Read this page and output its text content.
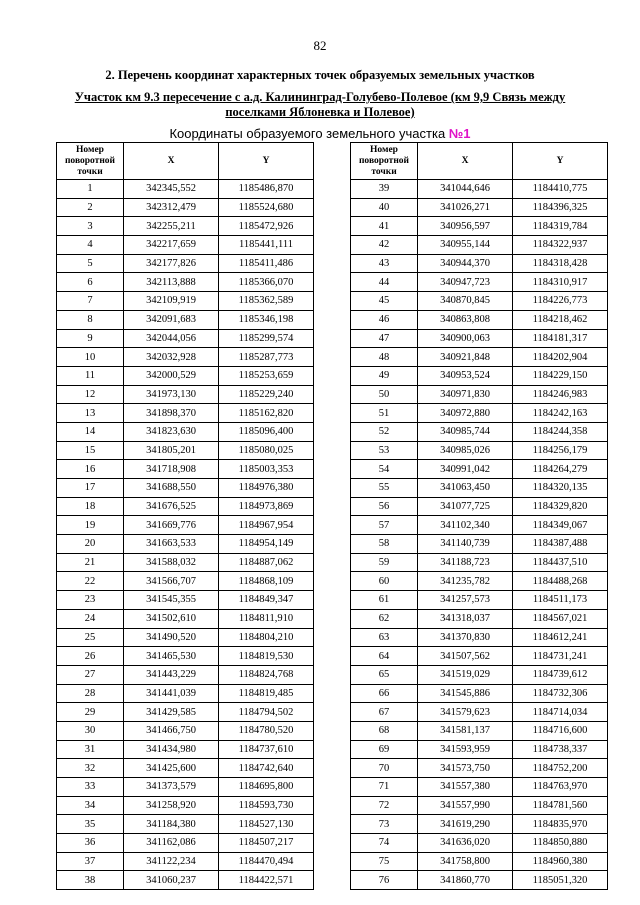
82
2. Перечень координат характерных точек образуемых земельных участков
Участок км 9.3 пересечение с а.д. Калининград-Голубево-Полевое (км 9,9 Связь между поселками Яблоневка и Полевое)
Координаты образуемого земельного участка №1
Номер поворотной точки	X	Y
1	342345,552	1185486,870
2	342312,479	1185524,680
3	342255,211	1185472,926
4	342217,659	1185441,111
5	342177,826	1185411,486
6	342113,888	1185366,070
7	342109,919	1185362,589
8	342091,683	1185346,198
9	342044,056	1185299,574
10	342032,928	1185287,773
11	342000,529	1185253,659
12	341973,130	1185229,240
13	341898,370	1185162,820
14	341823,630	1185096,400
15	341805,201	1185080,025
16	341718,908	1185003,353
17	341688,550	1184976,380
18	341676,525	1184973,869
19	341669,776	1184967,954
20	341663,533	1184954,149
21	341588,032	1184887,062
22	341566,707	1184868,109
23	341545,355	1184849,347
24	341502,610	1184811,910
25	341490,520	1184804,210
26	341465,530	1184819,530
27	341443,229	1184824,768
28	341441,039	1184819,485
29	341429,585	1184794,502
30	341466,750	1184780,520
31	341434,980	1184737,610
32	341425,600	1184742,640
33	341373,579	1184695,800
34	341258,920	1184593,730
35	341184,380	1184527,130
36	341162,086	1184507,217
37	341122,234	1184470,494
38	341060,237	1184422,571
Номер поворотной точки	X	Y
39	341044,646	1184410,775
40	341026,271	1184396,325
41	340956,597	1184319,784
42	340955,144	1184322,937
43	340944,370	1184318,428
44	340947,723	1184310,917
45	340870,845	1184226,773
46	340863,808	1184218,462
47	340900,063	1184181,317
48	340921,848	1184202,904
49	340953,524	1184229,150
50	340971,830	1184246,983
51	340972,880	1184242,163
52	340985,744	1184244,358
53	340985,026	1184256,179
54	340991,042	1184264,279
55	341063,450	1184320,135
56	341077,725	1184329,820
57	341102,340	1184349,067
58	341140,739	1184387,488
59	341188,723	1184437,510
60	341235,782	1184488,268
61	341257,573	1184511,173
62	341318,037	1184567,021
63	341370,830	1184612,241
64	341507,562	1184731,241
65	341519,029	1184739,612
66	341545,886	1184732,306
67	341579,623	1184714,034
68	341581,137	1184716,600
69	341593,959	1184738,337
70	341573,750	1184752,200
71	341557,380	1184763,970
72	341557,990	1184781,560
73	341619,290	1184835,970
74	341636,020	1184850,880
75	341758,800	1184960,380
76	341860,770	1185051,320
